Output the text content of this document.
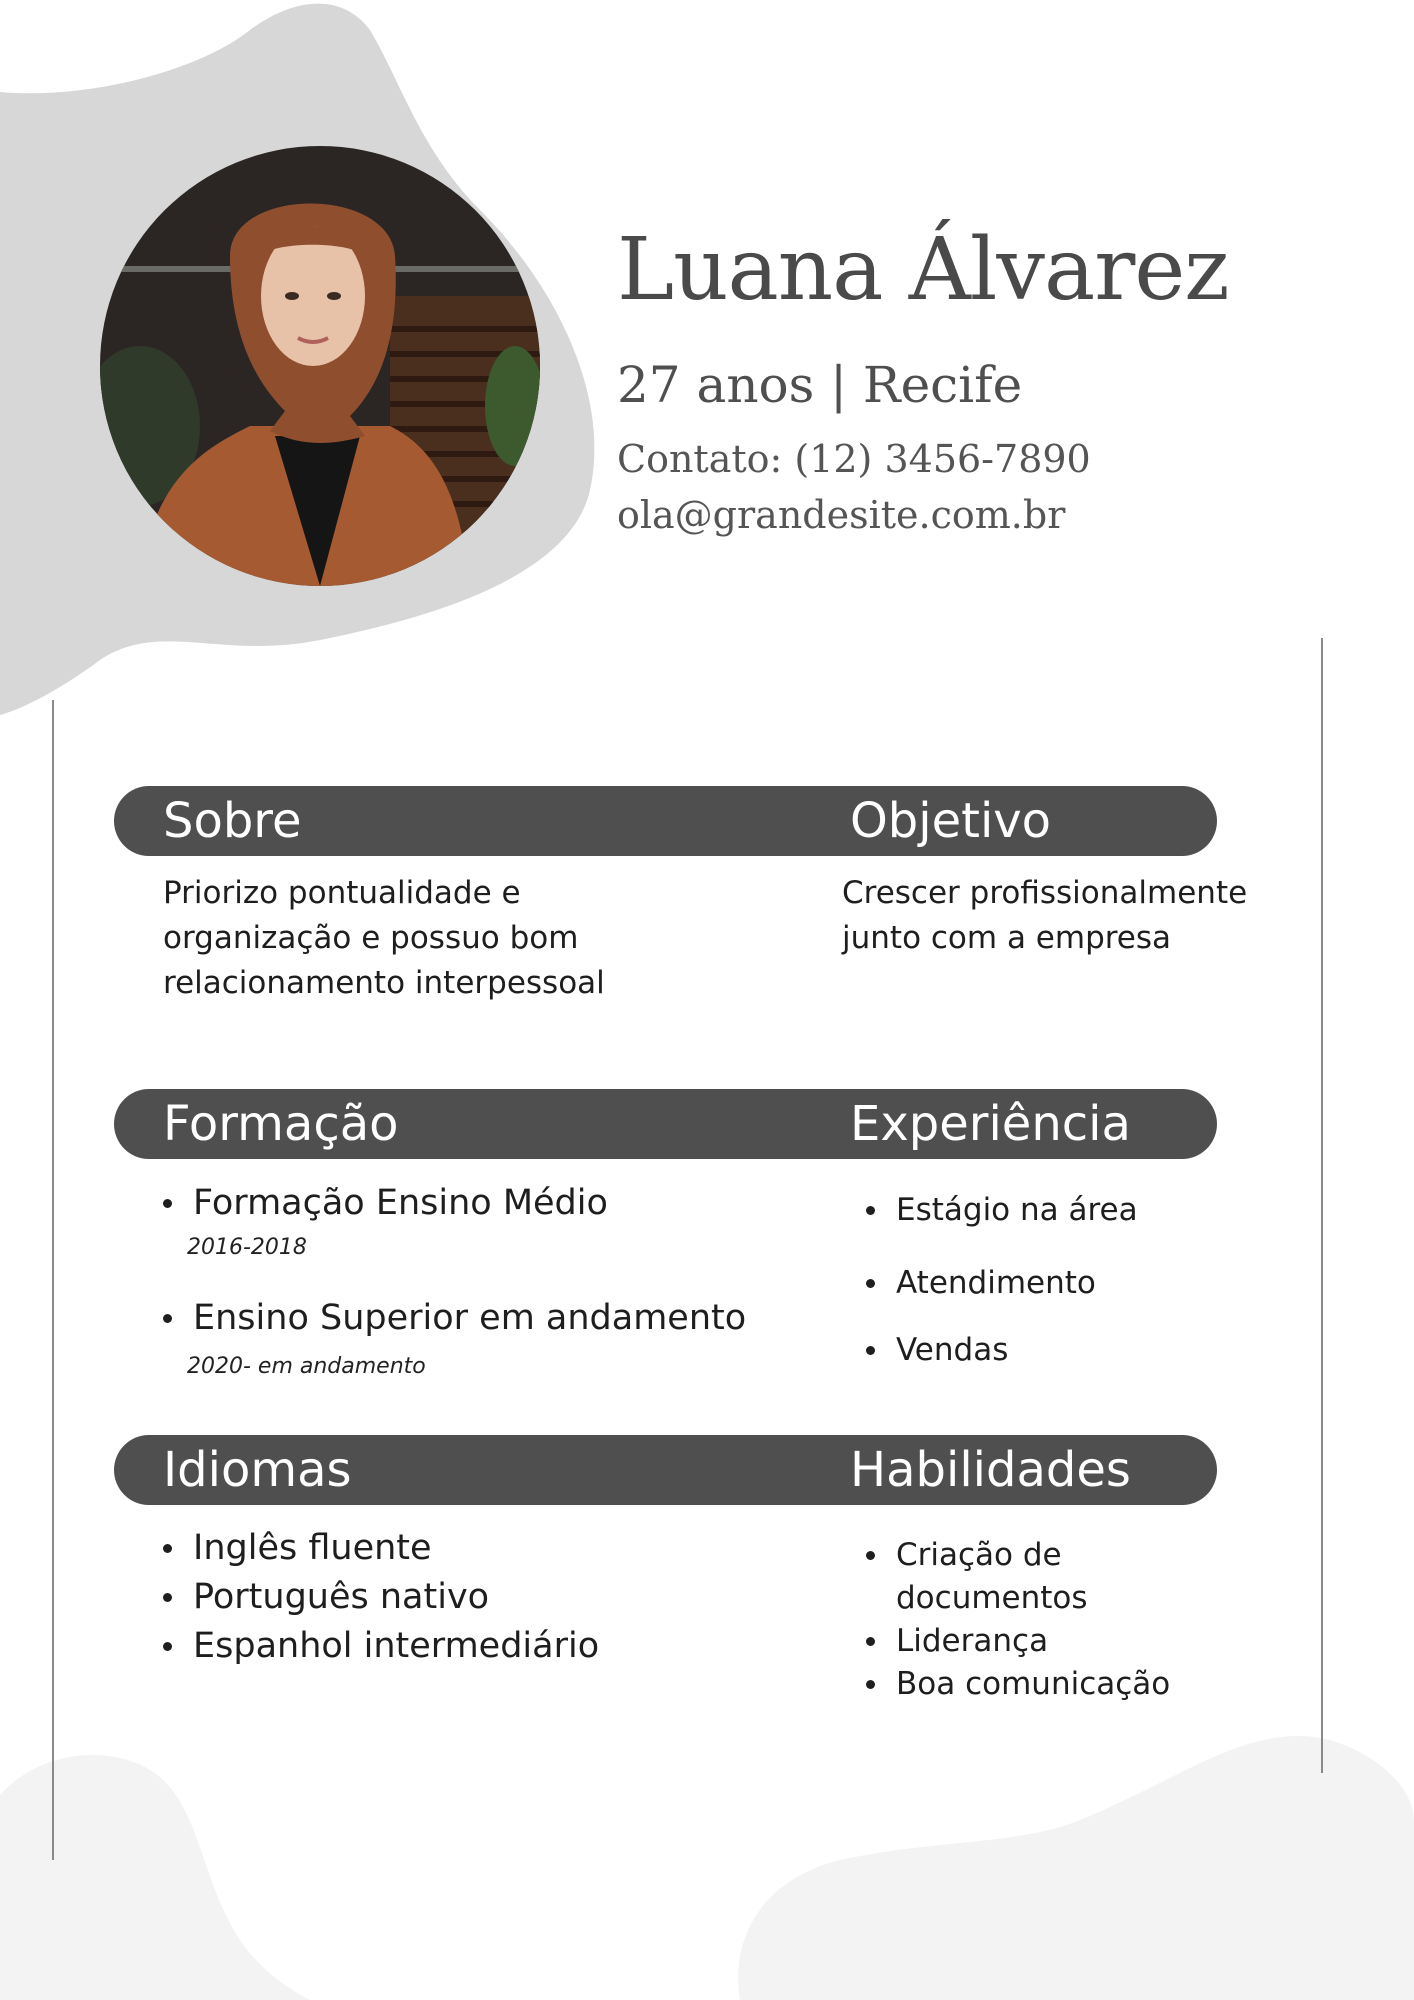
Luana Álvarez
27 anos | Recife
Contato: (12) 3456-7890
ola@grandesite.com.br
Sobre	Objetivo
Priorizo pontualidade e organização e possuo bom relacionamento interpessoal
Crescer profissionalmente junto com a empresa
Formação	Experiência
Formação Ensino Médio
2016-2018
Ensino Superior em andamento
2020- em andamento
Estágio na área
Atendimento
Vendas
Idiomas	Habilidades
Inglês fluente
Português nativo
Espanhol intermediário
Criação de documentos
Liderança
Boa comunicação
